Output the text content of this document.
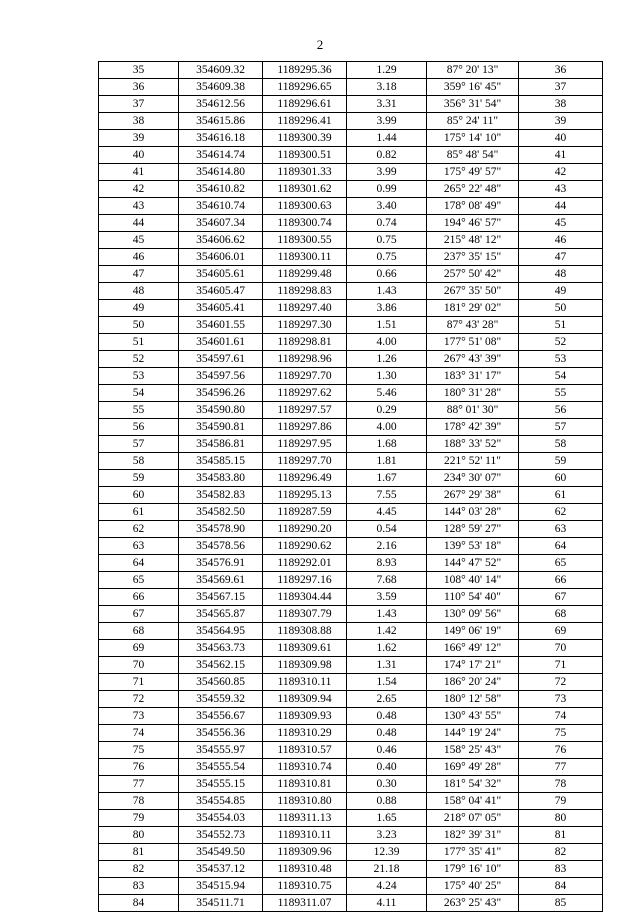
2
35	354609.32	1189295.36	1.29	87° 20' 13"	36
36	354609.38	1189296.65	3.18	359° 16' 45"	37
37	354612.56	1189296.61	3.31	356° 31' 54"	38
38	354615.86	1189296.41	3.99	85° 24' 11"	39
39	354616.18	1189300.39	1.44	175° 14' 10"	40
40	354614.74	1189300.51	0.82	85° 48' 54"	41
41	354614.80	1189301.33	3.99	175° 49' 57"	42
42	354610.82	1189301.62	0.99	265° 22' 48"	43
43	354610.74	1189300.63	3.40	178° 08' 49"	44
44	354607.34	1189300.74	0.74	194° 46' 57"	45
45	354606.62	1189300.55	0.75	215° 48' 12"	46
46	354606.01	1189300.11	0.75	237° 35' 15"	47
47	354605.61	1189299.48	0.66	257° 50' 42"	48
48	354605.47	1189298.83	1.43	267° 35' 50"	49
49	354605.41	1189297.40	3.86	181° 29' 02"	50
50	354601.55	1189297.30	1.51	87° 43' 28"	51
51	354601.61	1189298.81	4.00	177° 51' 08"	52
52	354597.61	1189298.96	1.26	267° 43' 39"	53
53	354597.56	1189297.70	1.30	183° 31' 17"	54
54	354596.26	1189297.62	5.46	180° 31' 28"	55
55	354590.80	1189297.57	0.29	88° 01' 30"	56
56	354590.81	1189297.86	4.00	178° 42' 39"	57
57	354586.81	1189297.95	1.68	188° 33' 52"	58
58	354585.15	1189297.70	1.81	221° 52' 11"	59
59	354583.80	1189296.49	1.67	234° 30' 07"	60
60	354582.83	1189295.13	7.55	267° 29' 38"	61
61	354582.50	1189287.59	4.45	144° 03' 28"	62
62	354578.90	1189290.20	0.54	128° 59' 27"	63
63	354578.56	1189290.62	2.16	139° 53' 18"	64
64	354576.91	1189292.01	8.93	144° 47' 52"	65
65	354569.61	1189297.16	7.68	108° 40' 14"	66
66	354567.15	1189304.44	3.59	110° 54' 40"	67
67	354565.87	1189307.79	1.43	130° 09' 56"	68
68	354564.95	1189308.88	1.42	149° 06' 19"	69
69	354563.73	1189309.61	1.62	166° 49' 12"	70
70	354562.15	1189309.98	1.31	174° 17' 21"	71
71	354560.85	1189310.11	1.54	186° 20' 24"	72
72	354559.32	1189309.94	2.65	180° 12' 58"	73
73	354556.67	1189309.93	0.48	130° 43' 55"	74
74	354556.36	1189310.29	0.48	144° 19' 24"	75
75	354555.97	1189310.57	0.46	158° 25' 43"	76
76	354555.54	1189310.74	0.40	169° 49' 28"	77
77	354555.15	1189310.81	0.30	181° 54' 32"	78
78	354554.85	1189310.80	0.88	158° 04' 41"	79
79	354554.03	1189311.13	1.65	218° 07' 05"	80
80	354552.73	1189310.11	3.23	182° 39' 31"	81
81	354549.50	1189309.96	12.39	177° 35' 41"	82
82	354537.12	1189310.48	21.18	179° 16' 10"	83
83	354515.94	1189310.75	4.24	175° 40' 25"	84
84	354511.71	1189311.07	4.11	263° 25' 43"	85
